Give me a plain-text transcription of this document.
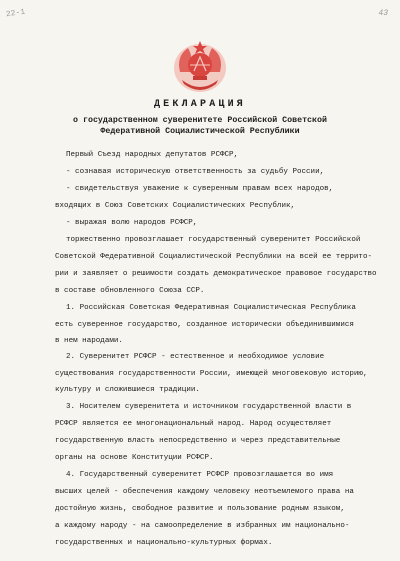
22-1	43
ДЕКЛАРАЦИЯ
о государственном суверенитете Российской Советской
Федеративной Социалистической Республики
Первый Съезд народных депутатов РСФСР,
- сознавая историческую ответственность за судьбу России,
- свидетельствуя уважение к суверенным правам всех народов,
входящих в Союз Советских Социалистических Республик,
- выражая волю народов РСФСР,
торжественно провозглашает государственный суверенитет Российской
Советской Федеративной Социалистической Республики на всей ее террито-
рии и заявляет о решимости создать демократическое правовое государство
в составе обновленного Союза ССР.
1. Российская Советская Федеративная Социалистическая Республика
есть суверенное государство, созданное исторически объединившимися
в нем народами.
2. Суверенитет РСФСР - естественное и необходимое условие
существования государственности России, имеющей многовековую историю,
культуру и сложившиеся традиции.
3. Носителем суверенитета и источником государственной власти в
РСФСР является ее многонациональный народ. Народ осуществляет
государственную власть непосредственно и через представительные
органы на основе Конституции РСФСР.
4. Государственный суверенитет РСФСР провозглашается во имя
высших целей - обеспечения каждому человеку неотъемлемого права на
достойную жизнь, свободное развитие и пользование родным языком,
а каждому народу - на самоопределение в избранных им национально-
государственных и национально-культурных формах.
